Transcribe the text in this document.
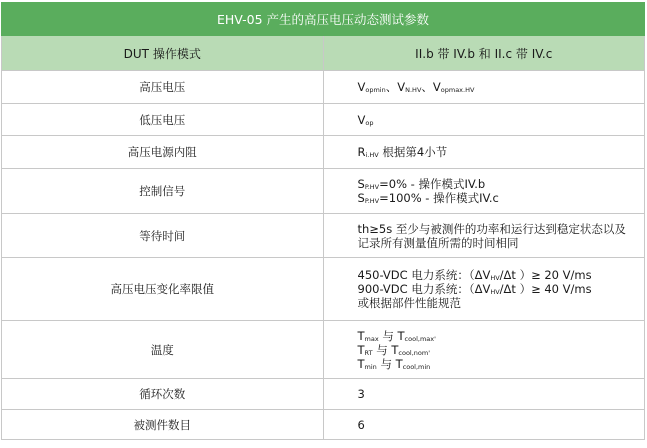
EHV-05 产生的高压电压动态测试参数	
DUT 操作模式	II.b 带 IV.b 和 II.c 带 IV.c
高压电压	$V_{opmin}$、$V_{N.HV}$、$V_{opmax.HV}$

低压电压	$V_{op}$

高压电源内阻	$R_{i.HV}$ 根据第4小节

控制信号	$S_{P.HV}=0\%$ - 操作模式IV.b
$S_{P.HV}=100\%$ - 操作模式IV.c

等待时间	th≥5s 至少与被测件的功率和运行达到稳定状态以及记录所有测量值所需的时间相同
高压电压变化率限值	450-VDC 电力系统：（$\Delta V_{HV}/\Delta t$ ）≥ 20 V/ms
900-VDC 电力系统：（$\Delta V_{HV}/\Delta t$ ）≥ 40 V/ms
或根据部件性能规范

温度	$T_{max}$ 与 $T_{cool,max'}$
$T_{RT}$ 与 $T_{cool,nom'}$
$T_{min}$ 与 $T_{cool,min}$

循环次数	3
被测件数目	6
